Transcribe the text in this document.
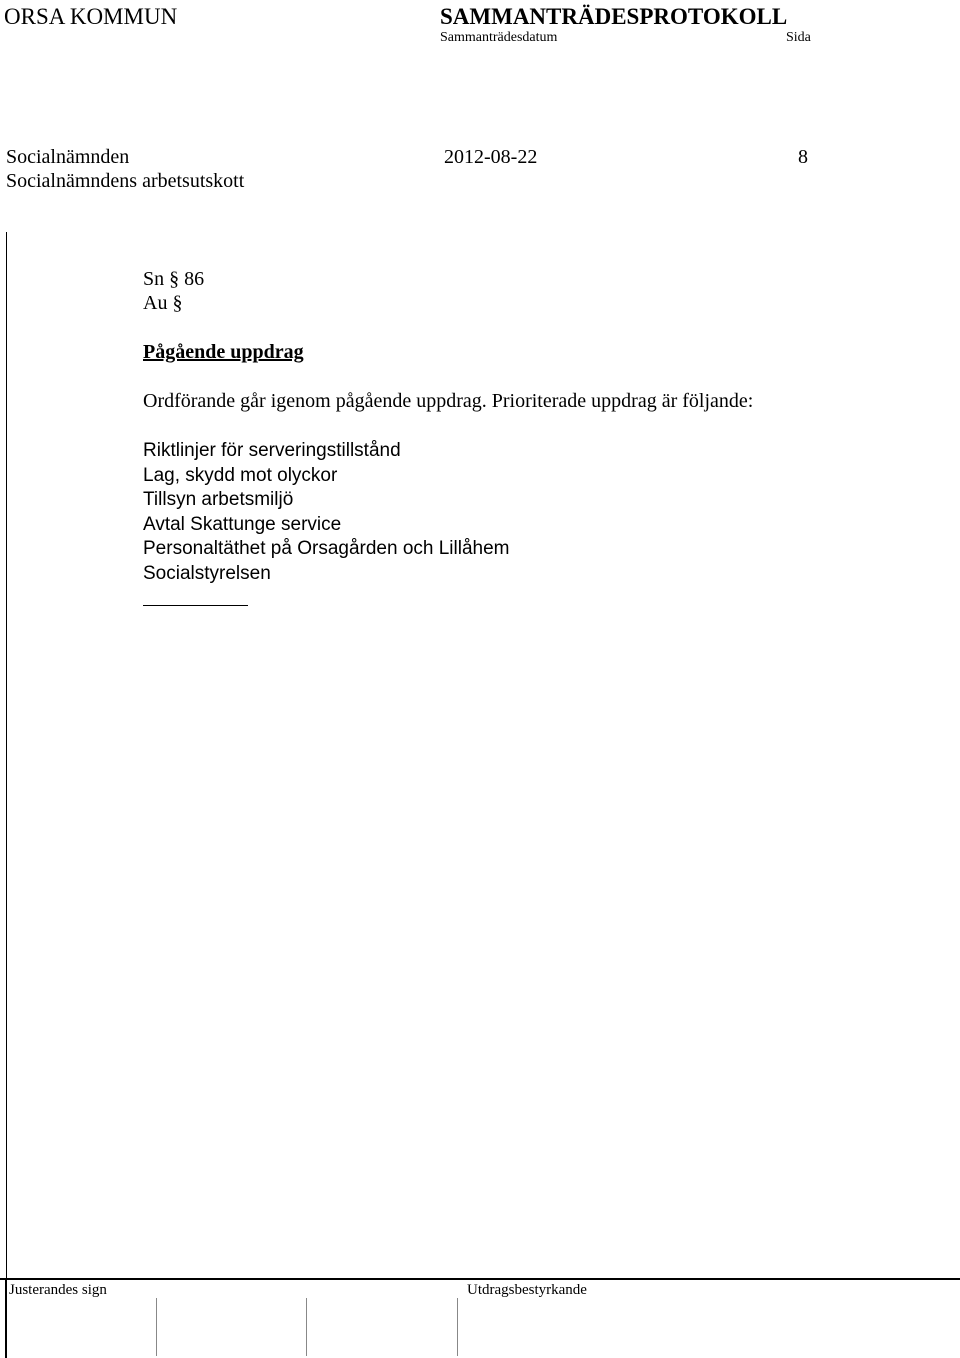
ORSA KOMMUN	SAMMANTRÄDESPROTOKOLL
Sammanträdesdatum	Sida
Socialnämnden	2012-08-22	8
Socialnämndens arbetsutskott
Sn § 86
Au §
Pågående uppdrag
Ordförande går igenom pågående uppdrag. Prioriterade uppdrag är följande:
Riktlinjer för serveringstillstånd
Lag, skydd mot olyckor
Tillsyn arbetsmiljö
Avtal Skattunge service
Personaltäthet på Orsagården och Lillåhem
Socialstyrelsen
Justerandes sign	Utdragsbestyrkande
